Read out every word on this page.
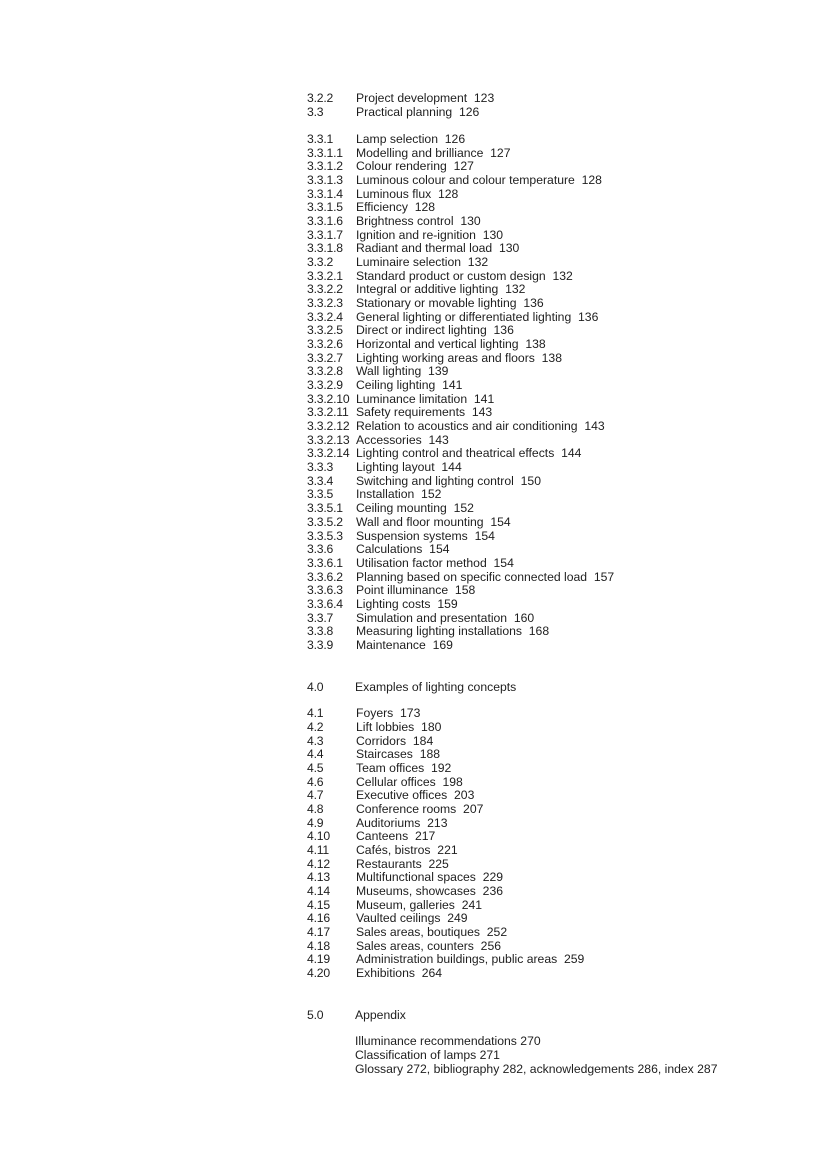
3.2.2	Project development 123
3.3	Practical planning 126
3.3.1	Lamp selection 126
3.3.1.1	Modelling and brilliance 127
3.3.1.2	Colour rendering 127
3.3.1.3	Luminous colour and colour temperature 128
3.3.1.4	Luminous flux 128
3.3.1.5	Efficiency 128
3.3.1.6	Brightness control 130
3.3.1.7	Ignition and re-ignition 130
3.3.1.8	Radiant and thermal load 130
3.3.2	Luminaire selection 132
3.3.2.1	Standard product or custom design 132
3.3.2.2	Integral or additive lighting 132
3.3.2.3	Stationary or movable lighting 136
3.3.2.4	General lighting or differentiated lighting 136
3.3.2.5	Direct or indirect lighting 136
3.3.2.6	Horizontal and vertical lighting 138
3.3.2.7	Lighting working areas and floors 138
3.3.2.8	Wall lighting 139
3.3.2.9	Ceiling lighting 141
3.3.2.10 Luminance limitation 141
3.3.2.11 Safety requirements 143
3.3.2.12 Relation to acoustics and air conditioning 143
3.3.2.13 Accessories 143
3.3.2.14 Lighting control and theatrical effects 144
3.3.3	Lighting layout 144
3.3.4	Switching and lighting control 150
3.3.5	Installation 152
3.3.5.1	Ceiling mounting 152
3.3.5.2	Wall and floor mounting 154
3.3.5.3	Suspension systems 154
3.3.6	Calculations 154
3.3.6.1	Utilisation factor method 154
3.3.6.2	Planning based on specific connected load 157
3.3.6.3	Point illuminance 158
3.3.6.4	Lighting costs 159
3.3.7	Simulation and presentation 160
3.3.8	Measuring lighting installations 168
3.3.9	Maintenance 169
4.0	Examples of lighting concepts
4.1	Foyers 173
4.2	Lift lobbies 180
4.3	Corridors 184
4.4	Staircases 188
4.5	Team offices 192
4.6	Cellular offices 198
4.7	Executive offices 203
4.8	Conference rooms 207
4.9	Auditoriums 213
4.10	Canteens 217
4.11	Cafés, bistros 221
4.12	Restaurants 225
4.13	Multifunctional spaces 229
4.14	Museums, showcases 236
4.15	Museum, galleries 241
4.16	Vaulted ceilings 249
4.17	Sales areas, boutiques 252
4.18	Sales areas, counters 256
4.19	Administration buildings, public areas 259
4.20	Exhibitions 264
5.0	Appendix
Illuminance recommendations 270
Classification of lamps 271
Glossary 272, bibliography 282, acknowledgements 286, index 287
